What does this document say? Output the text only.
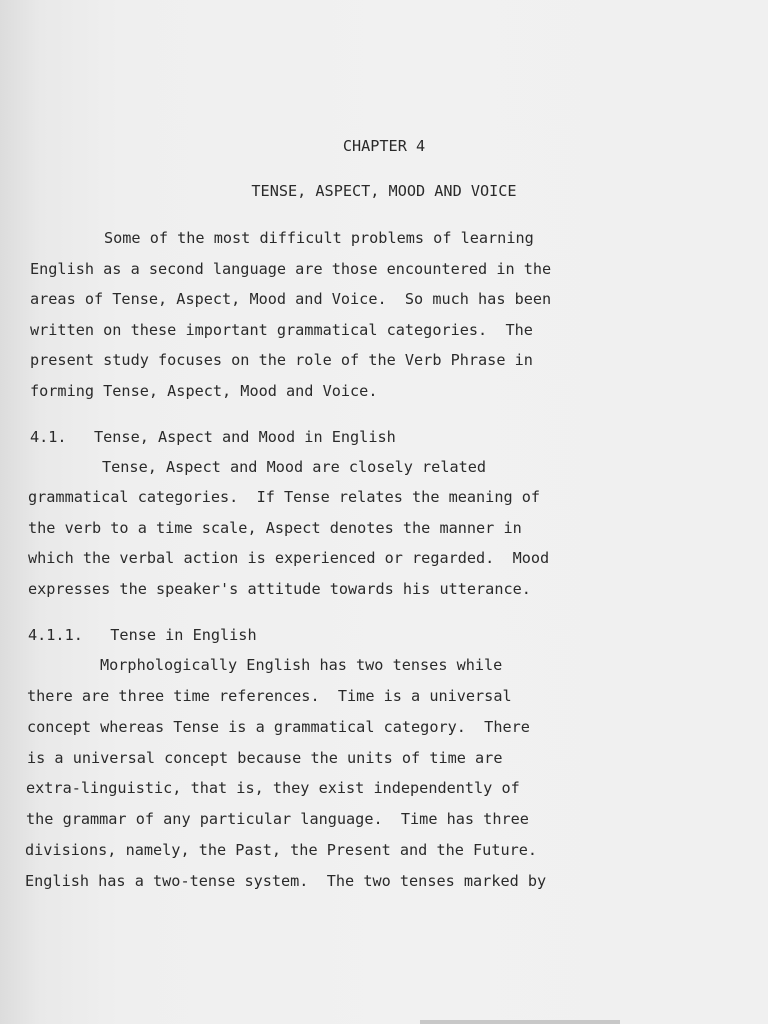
CHAPTER 4
TENSE, ASPECT, MOOD AND VOICE
Some of the most difficult problems of learning
English as a second language are those encountered in the
areas of Tense, Aspect, Mood and Voice.  So much has been
written on these important grammatical categories.  The
present study focuses on the role of the Verb Phrase in
forming Tense, Aspect, Mood and Voice.
4.1.   Tense, Aspect and Mood in English
Tense, Aspect and Mood are closely related
grammatical categories.  If Tense relates the meaning of
the verb to a time scale, Aspect denotes the manner in
which the verbal action is experienced or regarded.  Mood
expresses the speaker's attitude towards his utterance.
4.1.1.   Tense in English
Morphologically English has two tenses while
there are three time references.  Time is a universal
concept whereas Tense is a grammatical category.  There
is a universal concept because the units of time are
extra-linguistic, that is, they exist independently of
the grammar of any particular language.  Time has three
divisions, namely, the Past, the Present and the Future.
English has a two-tense system.  The two tenses marked by
